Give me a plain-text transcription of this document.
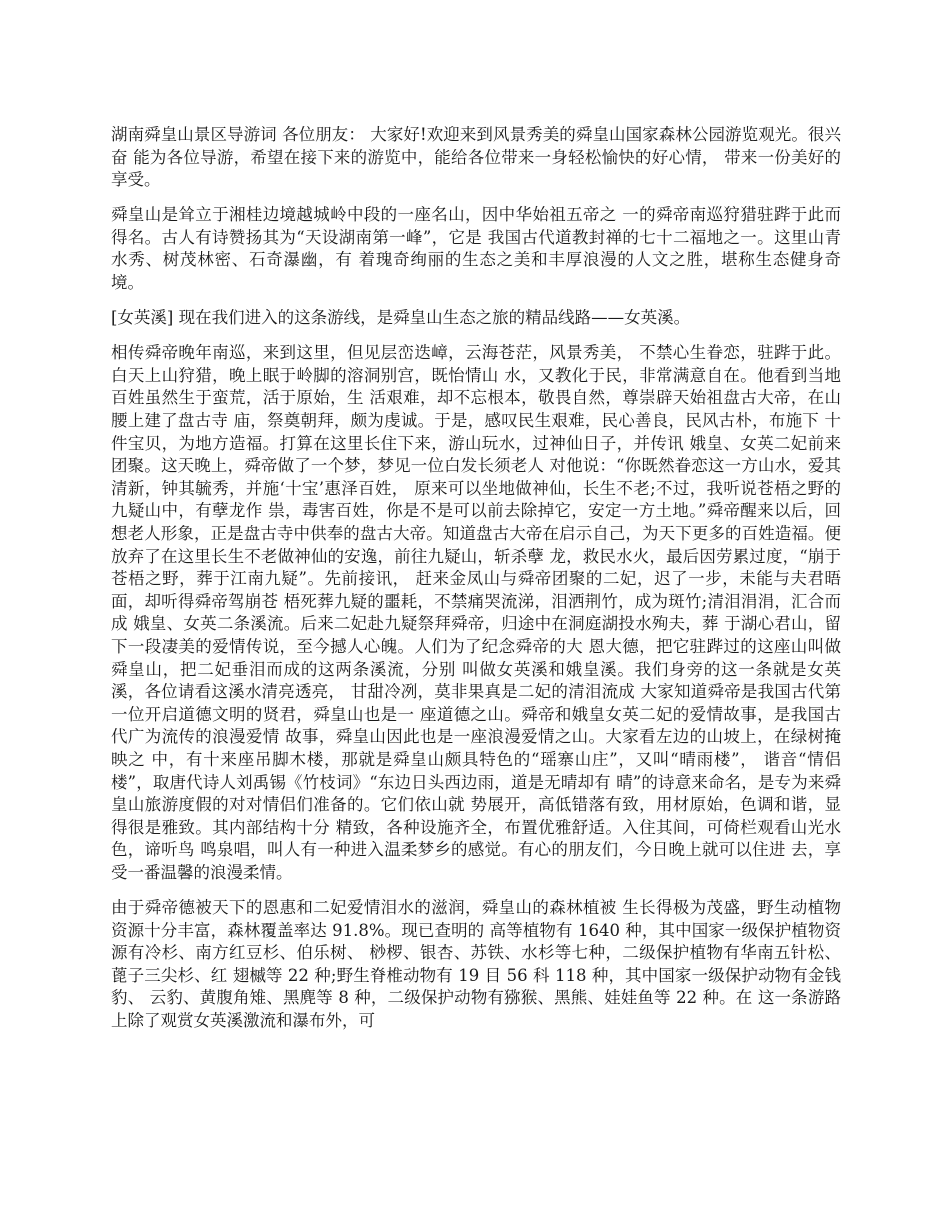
湖南舜皇山景区导游词 各位朋友： 大家好!欢迎来到风景秀美的舜皇山国家森林公园游览观光。很兴奋 能为各位导游，希望在接下来的游览中，能给各位带来一身轻松愉快的好心情， 带来一份美好的享受。

舜皇山是耸立于湘桂边境越城岭中段的一座名山，因中华始祖五帝之 一的舜帝南巡狩猎驻跸于此而得名。古人有诗赞扬其为“天设湖南第一峰”，它是 我国古代道教封禅的七十二福地之一。这里山青水秀、树茂林密、石奇瀑幽，有 着瑰奇绚丽的生态之美和丰厚浪漫的人文之胜，堪称生态健身奇境。

[女英溪] 现在我们进入的这条游线，是舜皇山生态之旅的精品线路——女英溪。

相传舜帝晚年南巡，来到这里，但见层峦迭嶂，云海苍茫，风景秀美， 不禁心生眷恋，驻跸于此。白天上山狩猎，晚上眠于岭脚的溶洞别宫，既怡情山 水，又教化于民，非常满意自在。他看到当地百姓虽然生于蛮荒，活于原始，生 活艰难，却不忘根本，敬畏自然，尊崇辟天始祖盘古大帝，在山腰上建了盘古寺 庙，祭奠朝拜，颇为虔诚。于是，感叹民生艰难，民心善良，民风古朴，布施下 十件宝贝，为地方造福。打算在这里长住下来，游山玩水，过神仙日子，并传讯 娥皇、女英二妃前来团聚。这天晚上，舜帝做了一个梦，梦见一位白发长须老人 对他说：“你既然眷恋这一方山水，爱其清新，钟其毓秀，并施‘十宝’惠泽百姓， 原来可以坐地做神仙，长生不老;不过，我听说苍梧之野的九疑山中，有孽龙作 祟，毒害百姓，你是不是可以前去除掉它，安定一方土地。”舜帝醒来以后，回想老人形象，正是盘古寺中供奉的盘古大帝。知道盘古大帝在启示自己，为天下更多的百姓造福。便放弃了在这里长生不老做神仙的安逸，前往九疑山，斩杀孽 龙，救民水火，最后因劳累过度，“崩于苍梧之野，葬于江南九疑”。先前接讯， 赶来金凤山与舜帝团聚的二妃，迟了一步，未能与夫君晤面，却听得舜帝驾崩苍 梧死葬九疑的噩耗，不禁痛哭流涕，泪洒荆竹，成为斑竹;清泪涓涓，汇合而成 娥皇、女英二条溪流。后来二妃赴九疑祭拜舜帝，归途中在洞庭湖投水殉夫，葬 于湖心君山，留下一段凄美的爱情传说，至今撼人心魄。人们为了纪念舜帝的大 恩大德，把它驻跸过的这座山叫做舜皇山，把二妃垂泪而成的这两条溪流，分别 叫做女英溪和娥皇溪。我们身旁的这一条就是女英溪，各位请看这溪水清亮透亮， 甘甜冷冽，莫非果真是二妃的清泪流成 大家知道舜帝是我国古代第一位开启道德文明的贤君，舜皇山也是一 座道德之山。舜帝和娥皇女英二妃的爱情故事，是我国古代广为流传的浪漫爱情 故事，舜皇山因此也是一座浪漫爱情之山。大家看左边的山坡上，在绿树掩映之 中，有十来座吊脚木楼，那就是舜皇山颇具特色的“瑶寨山庄”，又叫“晴雨楼”， 谐音“情侣楼”，取唐代诗人刘禹锡《竹枝词》“东边日头西边雨，道是无晴却有 晴”的诗意来命名，是专为来舜皇山旅游度假的对对情侣们准备的。它们依山就 势展开，高低错落有致，用材原始，色调和谐，显得很是雅致。其内部结构十分 精致，各种设施齐全，布置优雅舒适。入住其间，可倚栏观看山光水色，谛听鸟 鸣泉唱，叫人有一种进入温柔梦乡的感觉。有心的朋友们，今日晚上就可以住进 去，享受一番温馨的浪漫柔情。

由于舜帝德被天下的恩惠和二妃爱情泪水的滋润，舜皇山的森林植被 生长得极为茂盛，野生动植物资源十分丰富，森林覆盖率达 91.8%。现已查明的 高等植物有 1640 种，其中国家一级保护植物资源有冷杉、南方红豆杉、伯乐树、 桫椤、银杏、苏铁、水杉等七种，二级保护植物有华南五针松、蓖子三尖杉、红 翅槭等 22 种;野生脊椎动物有 19 目 56 科 118 种，其中国家一级保护动物有金钱豹、 云豹、黄腹角雉、黑麂等 8 种，二级保护动物有猕猴、黑熊、娃娃鱼等 22 种。在 这一条游路上除了观赏女英溪激流和瀑布外，可
